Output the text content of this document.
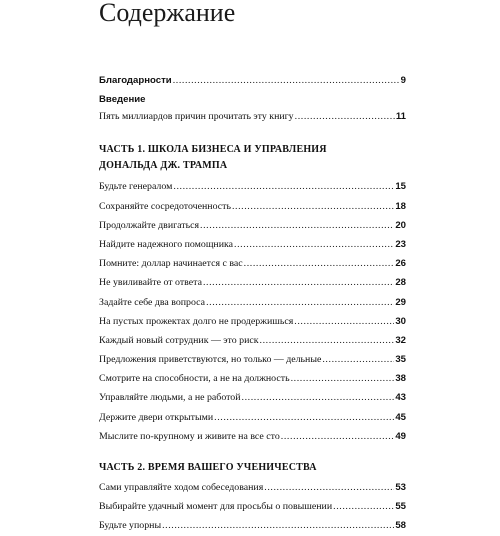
Содержание
Благодарности .....	9
Введение
Пять миллиардов причин прочитать эту книгу .....	11
ЧАСТЬ 1. ШКОЛА БИЗНЕСА И УПРАВЛЕНИЯ
ДОНАЛЬДА ДЖ. ТРАМПА
Будьте генералом .....	15
Сохраняйте сосредоточенность .....	18
Продолжайте двигаться .....	20
Найдите надежного помощника .....	23
Помните: доллар начинается с вас .....	26
Не увиливайте от ответа .....	28
Задайте себе два вопроса .....	29
На пустых прожектах долго не продержишься .....	30
Каждый новый сотрудник — это риск .....	32
Предложения приветствуются, но только — дельные .....	35
Смотрите на способности, а не на должность .....	38
Управляйте людьми, а не работой .....	43
Держите двери открытыми .....	45
Мыслите по-крупному и живите на все сто .....	49
ЧАСТЬ 2. ВРЕМЯ ВАШЕГО УЧЕНИЧЕСТВА
Сами управляйте ходом собеседования .....	53
Выбирайте удачный момент для просьбы о повышении .....	55
Будьте упорны .....	58
